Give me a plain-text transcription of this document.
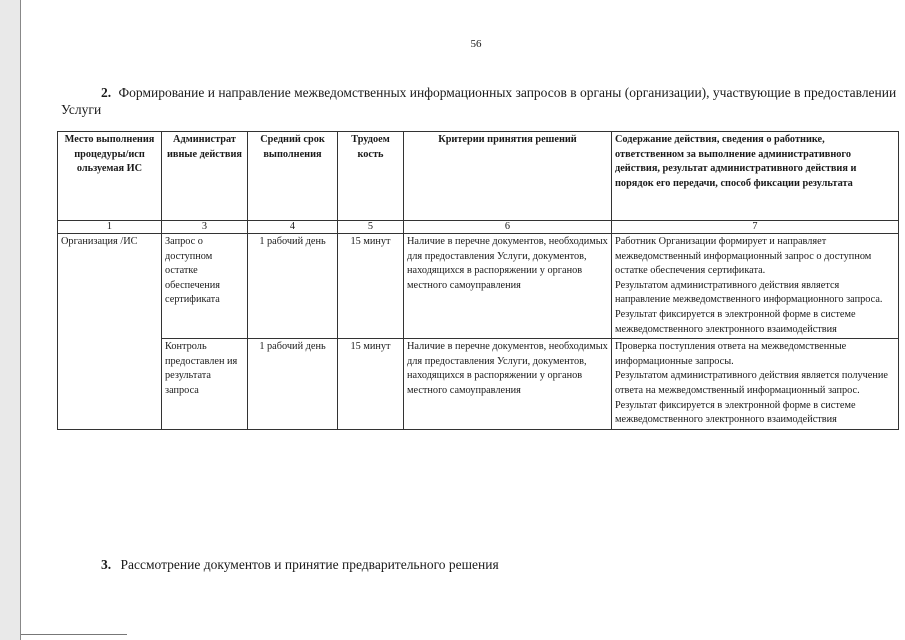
56
2. Формирование и направление межведомственных информационных запросов в органы (организации), участвующие в предоставлении Услуги
Место выполнения процедуры/исп ользуемая ИС	Администрат ивные действия	Средний срок выполнения	Трудоем кость	Критерии принятия решений	Содержание действия, сведения о работнике, ответственном за выполнение административного действия, результат административного действия и порядок его передачи, способ фиксации результата
1	3	4	5	6	7
Организация /ИС	Запрос о доступном остатке обеспечения сертификата	1 рабочий день	15 минут	Наличие в перечне документов, необходимых для предоставления Услуги, документов, находящихся в распоряжении у органов местного самоуправления	Работник Организации формирует и направляет межведомственный информационный запрос о доступном остатке обеспечения сертификата.

Результатом административного действия является направление межведомственного информационного запроса.

Результат фиксируется в электронной форме в системе межведомственного электронного взаимодействия

	Контроль предоставлен ия результата запроса	1 рабочий день	15 минут	Наличие в перечне документов, необходимых для предоставления Услуги, документов, находящихся в распоряжении у органов местного самоуправления	Проверка поступления ответа на межведомственные информационные запросы.

Результатом административного действия является получение ответа на межведомственный информационный запрос.

Результат фиксируется в электронной форме в системе межведомственного электронного взаимодействия

3. Рассмотрение документов и принятие предварительного решения
